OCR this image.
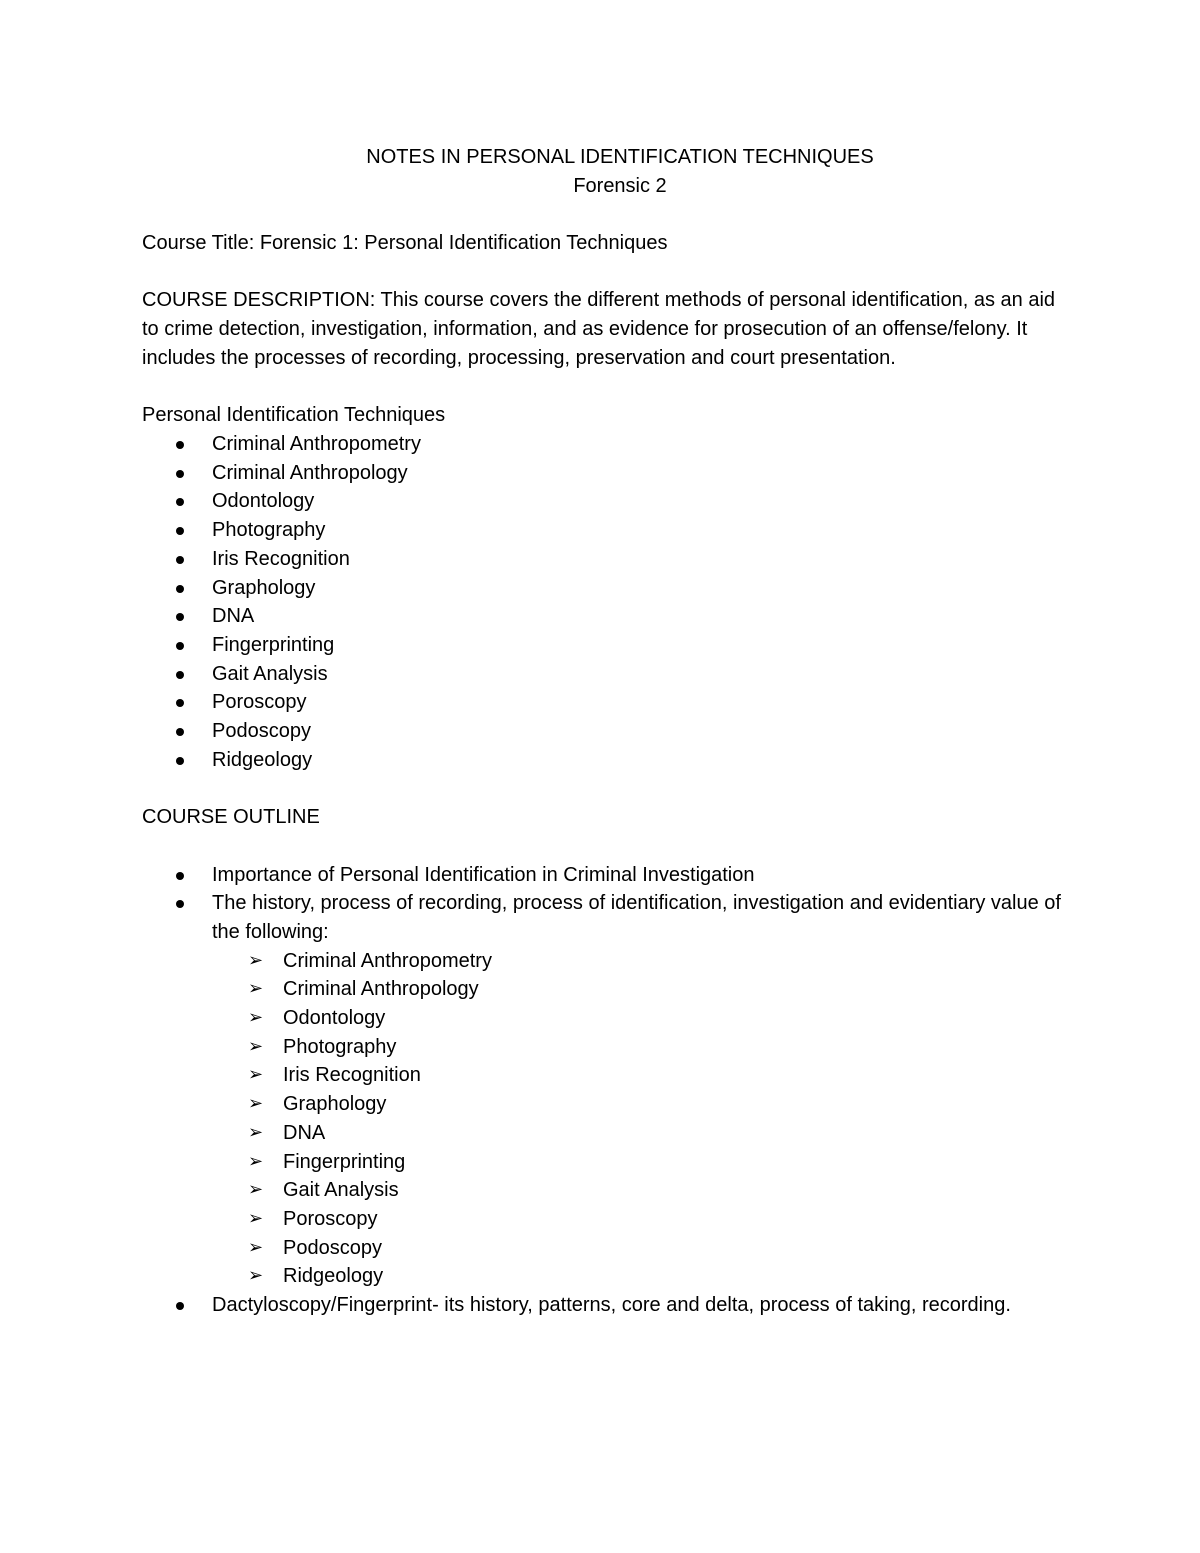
NOTES IN PERSONAL IDENTIFICATION TECHNIQUES

Forensic 2

Course Title: Forensic 1: Personal Identification Techniques

COURSE DESCRIPTION: This course covers the different methods of personal identification, as an aid to crime detection, investigation, information, and as evidence for prosecution of an offense/felony. It includes the processes of recording, processing, preservation and court presentation.

Personal Identification Techniques

Criminal Anthropometry
Criminal Anthropology
Odontology
Photography
Iris Recognition
Graphology
DNA
Fingerprinting
Gait Analysis
Poroscopy
Podoscopy
Ridgeology

COURSE OUTLINE

Importance of Personal Identification in Criminal Investigation
The history, process of recording, process of identification, investigation and evidentiary value of the following:
➢ Criminal Anthropometry
➢ Criminal Anthropology
➢ Odontology
➢ Photography
➢ Iris Recognition
➢ Graphology
➢ DNA
➢ Fingerprinting
➢ Gait Analysis
➢ Poroscopy
➢ Podoscopy
➢ Ridgeology
Dactyloscopy/Fingerprint- its history, patterns, core and delta, process of taking, recording.
